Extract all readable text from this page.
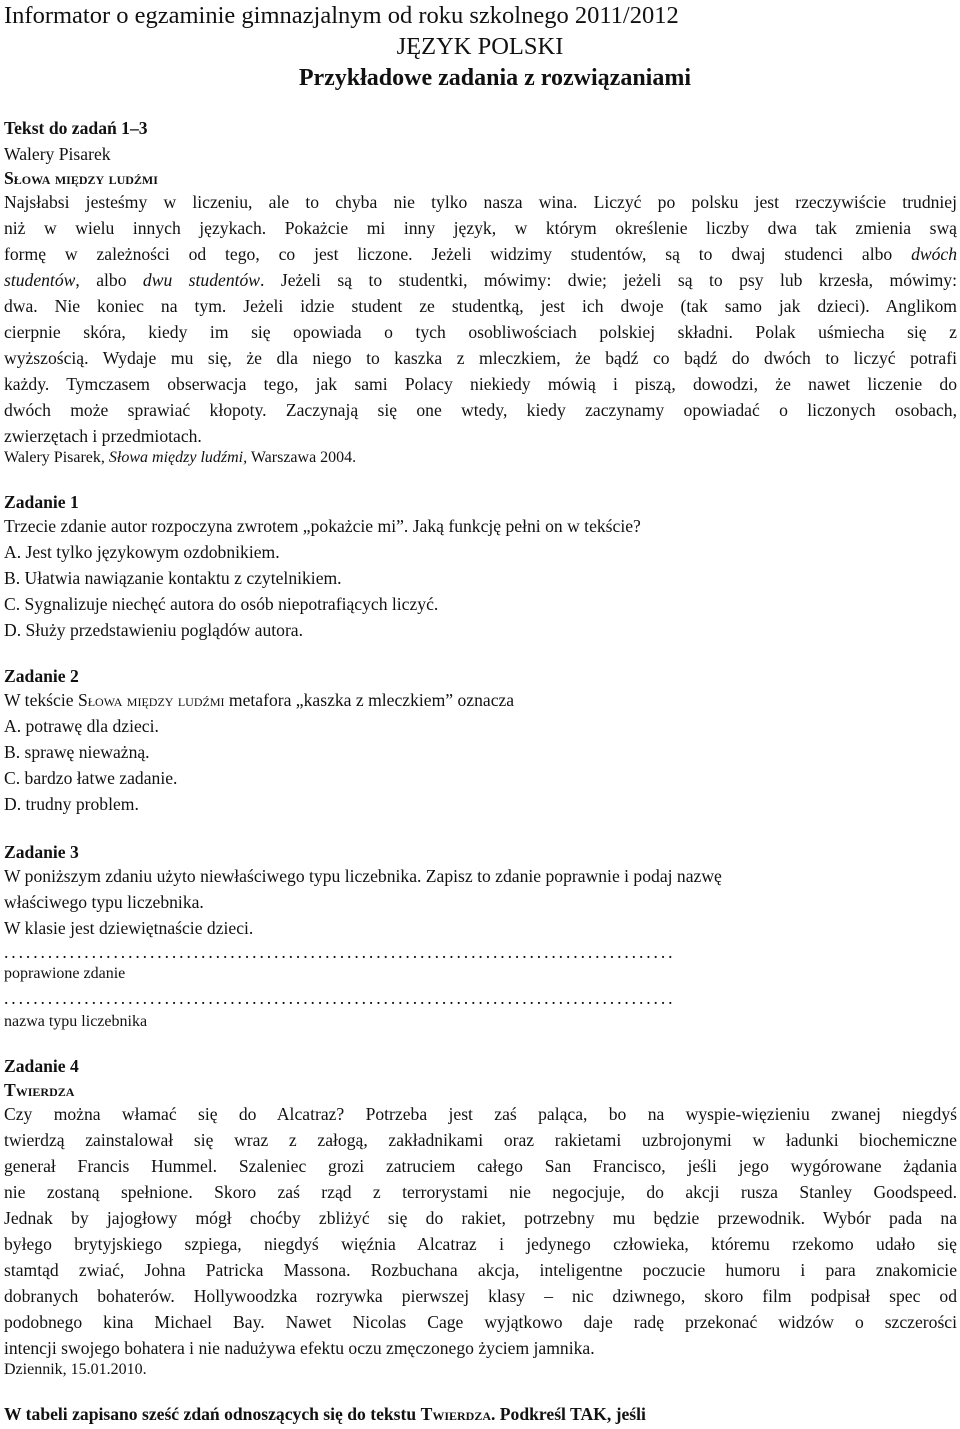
Informator o egzaminie gimnazjalnym od roku szkolnego 2011/2012
JĘZYK POLSKI
Przykładowe zadania z rozwiązaniami
Tekst do zadań 1–3
Walery Pisarek
Słowa między ludźmi
Najsłabsi jesteśmy w liczeniu, ale to chyba nie tylko nasza wina. Liczyć po polsku jest rzeczywiście trudniej
niż w wielu innych językach. Pokażcie mi inny język, w którym określenie liczby dwa tak zmienia swą
formę w zależności od tego, co jest liczone. Jeżeli widzimy studentów, są to dwaj studenci albo dwóch
studentów, albo dwu studentów. Jeżeli są to studentki, mówimy: dwie; jeżeli są to psy lub krzesła, mówimy:
dwa. Nie koniec na tym. Jeżeli idzie student ze studentką, jest ich dwoje (tak samo jak dzieci). Anglikom
cierpnie skóra, kiedy im się opowiada o tych osobliwościach polskiej składni. Polak uśmiecha się z
wyższością. Wydaje mu się, że dla niego to kaszka z mleczkiem, że bądź co bądź do dwóch to liczyć potrafi
każdy. Tymczasem obserwacja tego, jak sami Polacy niekiedy mówią i piszą, dowodzi, że nawet liczenie do
dwóch może sprawiać kłopoty. Zaczynają się one wtedy, kiedy zaczynamy opowiadać o liczonych osobach,
zwierzętach i przedmiotach.
Walery Pisarek, Słowa między ludźmi, Warszawa 2004.
Zadanie 1
Trzecie zdanie autor rozpoczyna zwrotem „pokażcie mi”. Jaką funkcję pełni on w tekście?
A. Jest tylko językowym ozdobnikiem.
B. Ułatwia nawiązanie kontaktu z czytelnikiem.
C. Sygnalizuje niechęć autora do osób niepotrafiących liczyć.
D. Służy przedstawieniu poglądów autora.
Zadanie 2
W tekście Słowa między ludźmi metafora „kaszka z mleczkiem” oznacza
A. potrawę dla dzieci.
B. sprawę nieważną.
C. bardzo łatwe zadanie.
D. trudny problem.
Zadanie 3
W poniższym zdaniu użyto niewłaściwego typu liczebnika. Zapisz to zdanie poprawnie i podaj nazwę
właściwego typu liczebnika.
W klasie jest dziewiętnaście dzieci.
............................................................................................
poprawione zdanie
............................................................................................
nazwa typu liczebnika
Zadanie 4
Twierdza
Czy można włamać się do Alcatraz? Potrzeba jest zaś paląca, bo na wyspie-więzieniu zwanej niegdyś
twierdzą zainstalował się wraz z załogą, zakładnikami oraz rakietami uzbrojonymi w ładunki biochemiczne
generał Francis Hummel. Szaleniec grozi zatruciem całego San Francisco, jeśli jego wygórowane żądania
nie zostaną spełnione. Skoro zaś rząd z terrorystami nie negocjuje, do akcji rusza Stanley Goodspeed.
Jednak by jajogłowy mógł choćby zbliżyć się do rakiet, potrzebny mu będzie przewodnik. Wybór pada na
byłego brytyjskiego szpiega, niegdyś więźnia Alcatraz i jedynego człowieka, któremu rzekomo udało się
stamtąd zwiać, Johna Patricka Massona. Rozbuchana akcja, inteligentne poczucie humoru i para znakomicie
dobranych bohaterów. Hollywoodzka rozrywka pierwszej klasy – nic dziwnego, skoro film podpisał spec od
podobnego kina Michael Bay. Nawet Nicolas Cage wyjątkowo daje radę przekonać widzów o szczerości
intencji swojego bohatera i nie nadużywa efektu oczu zmęczonego życiem jamnika.
Dziennik, 15.01.2010.
W tabeli zapisano sześć zdań odnoszących się do tekstu Twierdza. Podkreśl TAK, jeśli
